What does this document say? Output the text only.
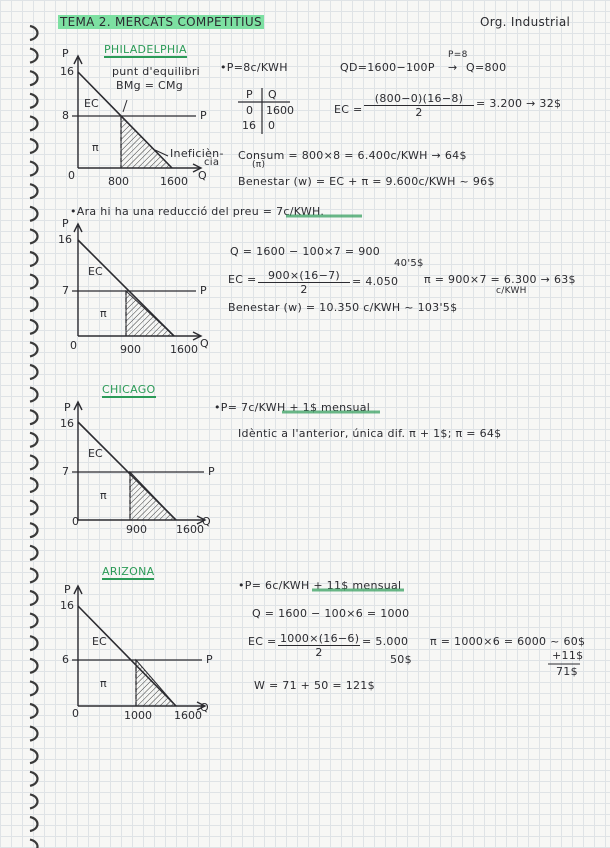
TEMA 2. MERCATS COMPETITIUS	Org. Industrial
PHILADELPHIA
P
16
8
EC
π
P
0	800	1600 Q
punt d'equilibri
BMg = CMg
Ineficièn-
cia
•P=8c/KWH	QD=1600−100P
P=8
→ Q=800
P Q
0 1600
16 0
EC = $\frac{(800-0)(16-8)}{2} = 3.200$ → 32$
Consum = 800×8 = 6.400c/KWH → 64$
(π)
Benestar (w) = EC + π = 9.600c/KWH ~ 96$
•Ara hi ha una reducció del preu = 7c/KWH.
P
16
7
EC
π
P
0	900	1600 Q
Q = 1600 − 100×7 = 900
40'5$
EC = $\frac{900\times(16-7)}{2} = 4.050$ π = 900×7 = 6.300 → 63$
c/KWH
Benestar (w) = 10.350 c/KWH ~ 103'5$
CHICAGO
P
16
7
EC
π
P
0
900	1600
Q
•P= 7c/KWH + 1$ mensual
Idèntic a l'anterior, única dif. π + 1$; π = 64$
ARIZONA
P
16
6
EC
π
P
0	1000 1600
Q
•P= 6c/KWH + 11$ mensual
Q = 1600 − 100×6 = 1000
EC = $\frac{1000\times(16-6)}{2} = 5.000$
50$
π = 1000×6 = 6000 ~ 60$
+11$
71$
W = 71 + 50 = 121$
